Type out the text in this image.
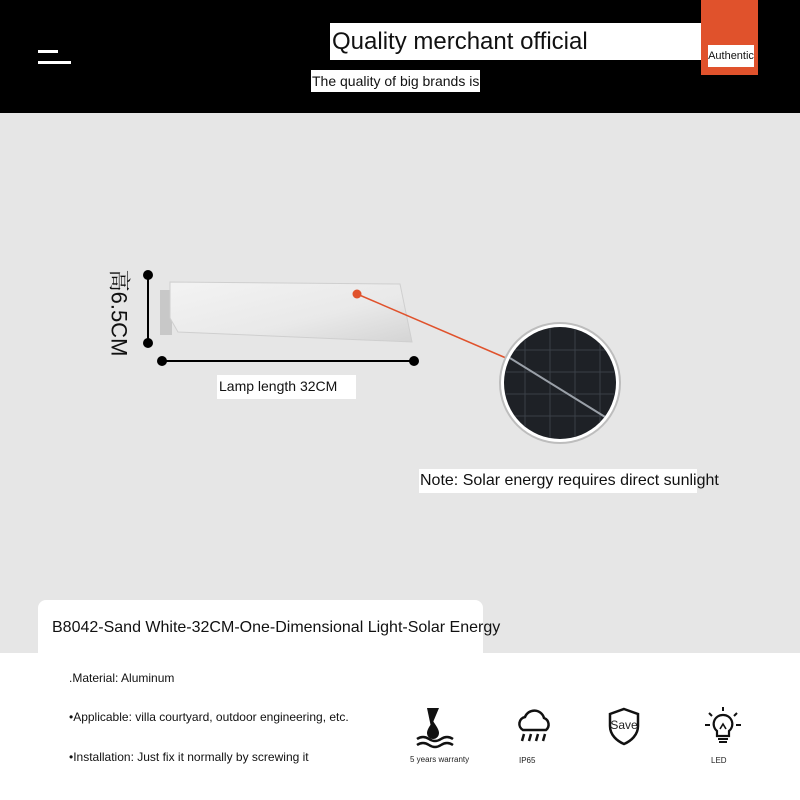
Quality merchant official
Authentic
The quality of big brands is
高6.5CM
Lamp length 32CM
Note: Solar energy requires direct sunlight
B8042-Sand White-32CM-One-Dimensional Light-Solar Energy
.Material: Aluminum
•Applicable: villa courtyard, outdoor engineering, etc.
•Installation: Just fix it normally by screwing it	5 years warranty	IP65
Save
LED
